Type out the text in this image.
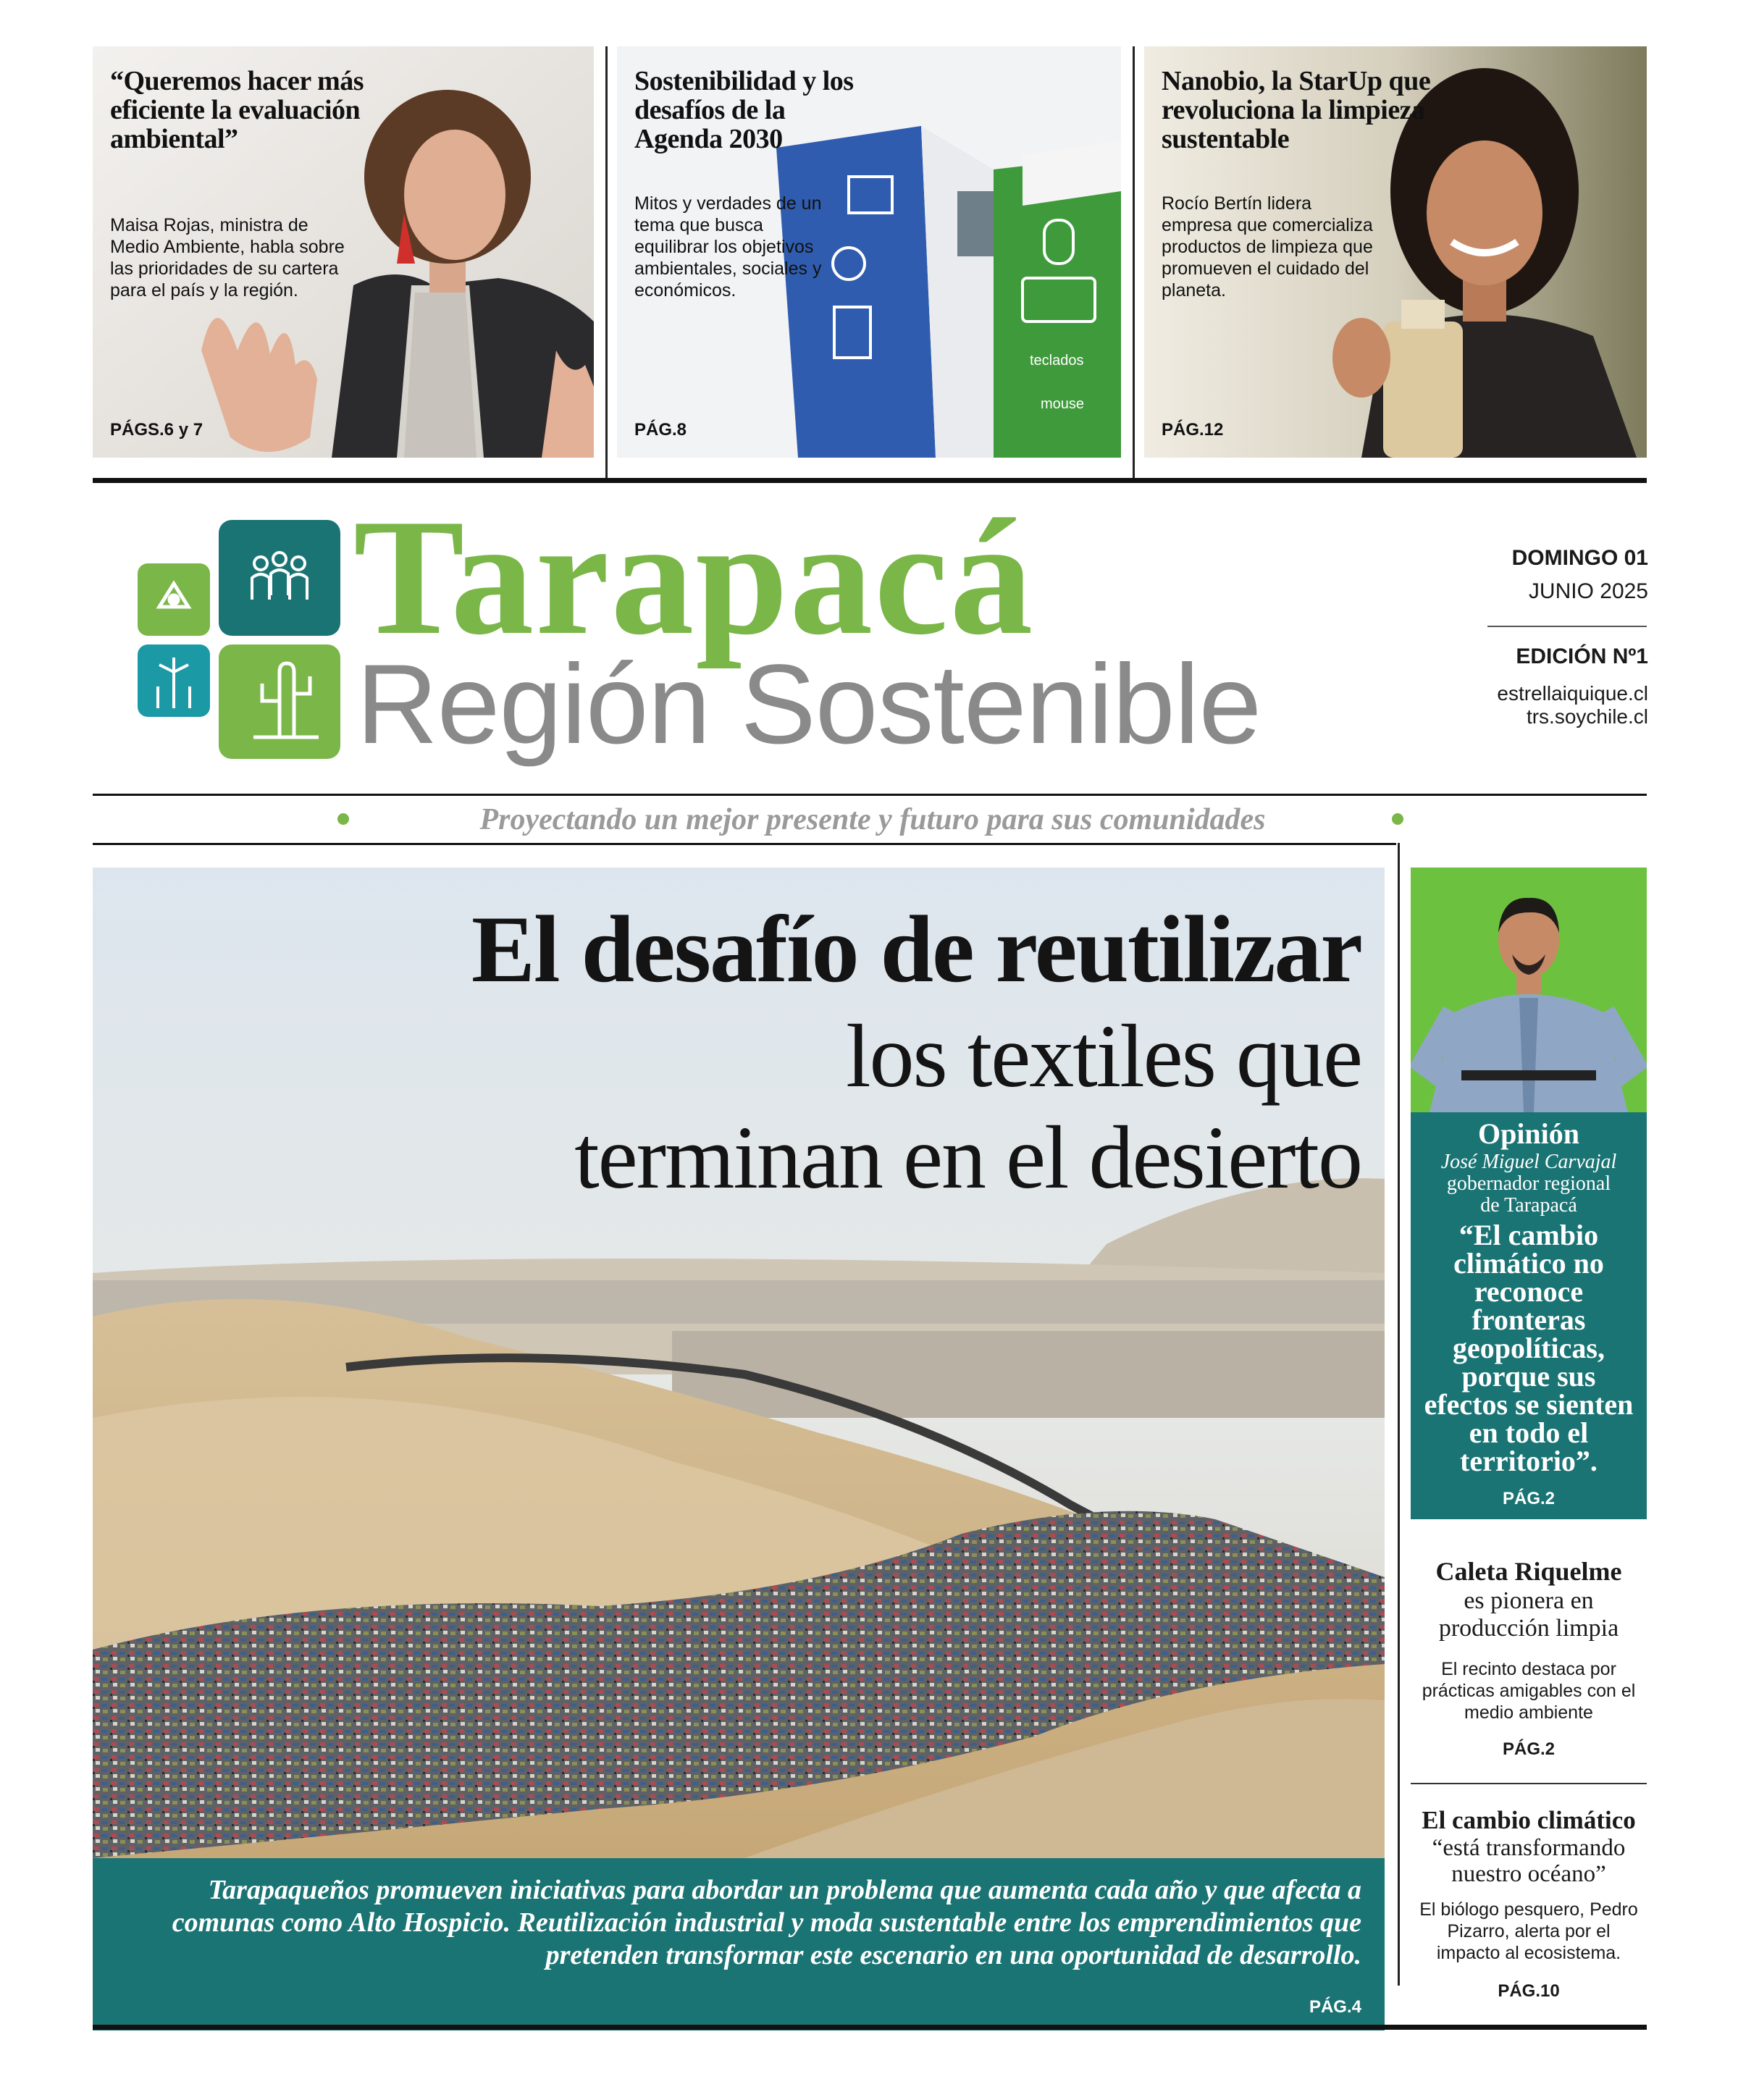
“Queremos hacer más eficiente la evaluación ambiental”
Maisa Rojas, ministra de Medio Ambiente, habla sobre las prioridades de su cartera para el país y la región.
PÁGS.6 y 7
teclados
mouse
Sostenibilidad y los desafíos de la Agenda 2030
Mitos y verdades de un tema que busca equilibrar los objetivos ambientales, sociales y económicos.
PÁG.8
Nanobio, la StarUp que revoluciona la limpieza sustentable
Rocío Bertín lidera empresa que comercializa productos de limpieza que promueven el cuidado del planeta.
PÁG.12
Tarapacá
Región Sostenible
DOMINGO 01
JUNIO 2025
EDICIÓN Nº1
estrellaiquique.cl
trs.soychile.cl
Proyectando un mejor presente y futuro para sus comunidades
El desafío de reutilizar
los textiles que
terminan en el desierto
Tarapaqueños promueven iniciativas para abordar un problema que aumenta cada año y que afecta a comunas como Alto Hospicio. Reutilización industrial y moda sustentable entre los emprendimientos que pretenden transformar este escenario en una oportunidad de desarrollo.
PÁG.4
Opinión
José Miguel Carvajal
gobernador regional de Tarapacá
“El cambio climático no reconoce fronteras geopolíticas, porque sus efectos se sienten en todo el territorio”.
PÁG.2
Caleta Riquelme
es pionera en producción limpia
El recinto destaca por prácticas amigables con el medio ambiente
PÁG.2
El cambio climático
“está transformando nuestro océano”
El biólogo pesquero, Pedro Pizarro, alerta por el impacto al ecosistema.
PÁG.10
